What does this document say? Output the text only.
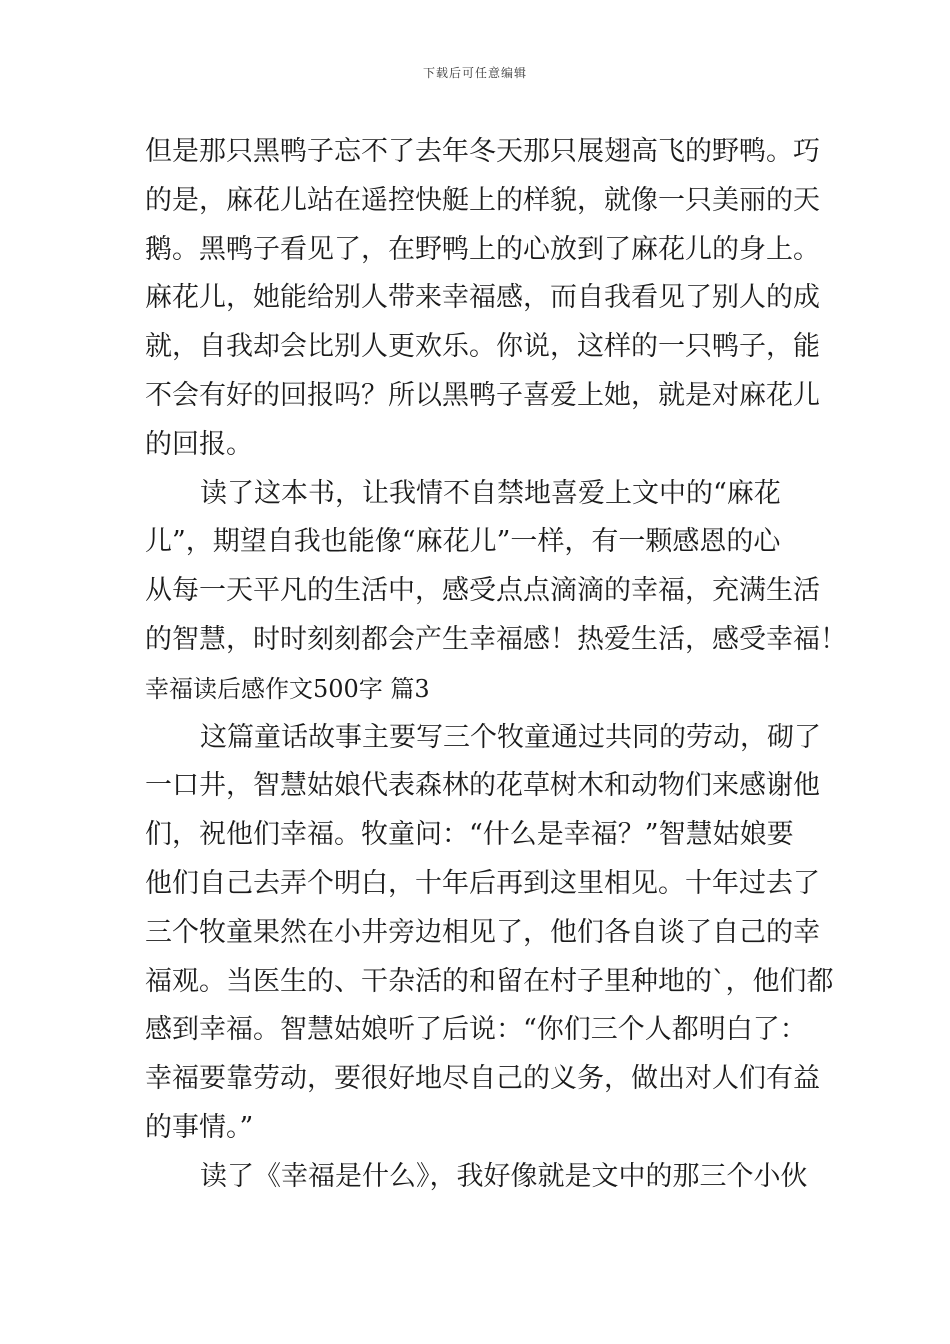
下载后可任意编辑
但是那只黑鸭子忘不了去年冬天那只展翅高飞的野鸭。巧
的是，麻花儿站在遥控快艇上的样貌，就像一只美丽的天
鹅。黑鸭子看见了，在野鸭上的心放到了麻花儿的身上。
麻花儿，她能给别人带来幸福感，而自我看见了别人的成
就，自我却会比别人更欢乐。你说，这样的一只鸭子，能
不会有好的回报吗？所以黑鸭子喜爱上她，就是对麻花儿
的回报。
读了这本书，让我情不自禁地喜爱上文中的“麻花
儿”，期望自我也能像“麻花儿”一样，有一颗感恩的心
从每一天平凡的生活中，感受点点滴滴的幸福，充满生活
的智慧，时时刻刻都会产生幸福感！热爱生活，感受幸福！
幸福读后感作文500字 篇3
这篇童话故事主要写三个牧童通过共同的劳动，砌了
一口井，智慧姑娘代表森林的花草树木和动物们来感谢他
们，祝他们幸福。牧童问：“什么是幸福？”智慧姑娘要
他们自己去弄个明白，十年后再到这里相见。十年过去了
三个牧童果然在小井旁边相见了，他们各自谈了自己的幸
福观。当医生的、干杂活的和留在村子里种地的`，他们都
感到幸福。智慧姑娘听了后说：“你们三个人都明白了：
幸福要靠劳动，要很好地尽自己的义务，做出对人们有益
的事情。”
读了《幸福是什么》，我好像就是文中的那三个小伙
